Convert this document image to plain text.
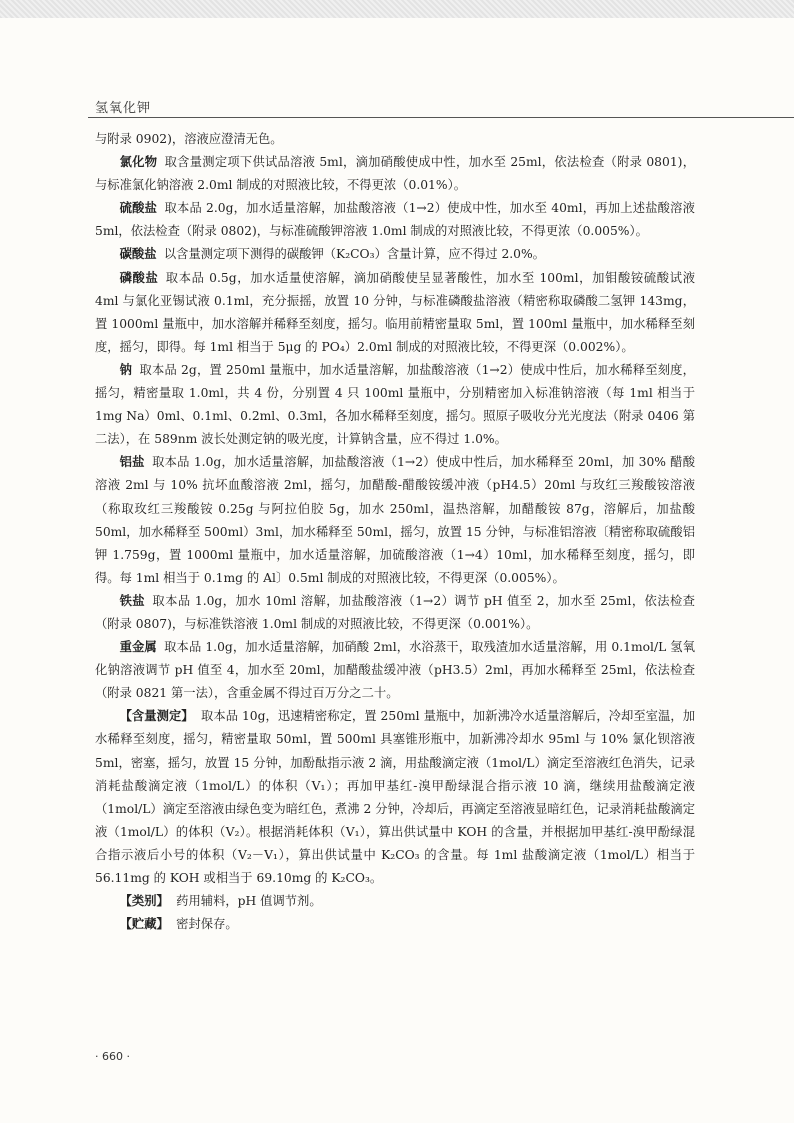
氢氧化钾

与附录 0902)，溶液应澄清无色。

氯化物 取含量测定项下供试品溶液 5ml，滴加硝酸使成中性，加水至 25ml，依法检查（附录 0801)，与标准氯化钠溶液 2.0ml 制成的对照液比较，不得更浓（0.01%）。

硫酸盐 取本品 2.0g，加水适量溶解，加盐酸溶液（1→2）使成中性，加水至 40ml，再加上述盐酸溶液 5ml，依法检查（附录 0802)，与标准硫酸钾溶液 1.0ml 制成的对照液比较，不得更浓（0.005%）。

碳酸盐 以含量测定项下测得的碳酸钾（K₂CO₃）含量计算，应不得过 2.0%。

磷酸盐 取本品 0.5g，加水适量使溶解，滴加硝酸使呈显著酸性，加水至 100ml，加钼酸铵硫酸试液 4ml 与氯化亚锡试液 0.1ml，充分振摇，放置 10 分钟，与标准磷酸盐溶液（精密称取磷酸二氢钾 143mg，置 1000ml 量瓶中，加水溶解并稀释至刻度，摇匀。临用前精密量取 5ml，置 100ml 量瓶中，加水稀释至刻度，摇匀，即得。每 1ml 相当于 5μg 的 PO₄）2.0ml 制成的对照液比较，不得更深（0.002%）。

钠 取本品 2g，置 250ml 量瓶中，加水适量溶解，加盐酸溶液（1→2）使成中性后，加水稀释至刻度，摇匀，精密量取 1.0ml，共 4 份，分别置 4 只 100ml 量瓶中，分别精密加入标准钠溶液（每 1ml 相当于 1mg Na）0ml、0.1ml、0.2ml、0.3ml，各加水稀释至刻度，摇匀。照原子吸收分光光度法（附录 0406 第二法），在 589nm 波长处测定钠的吸光度，计算钠含量，应不得过 1.0%。

铝盐 取本品 1.0g，加水适量溶解，加盐酸溶液（1→2）使成中性后，加水稀释至 20ml，加 30% 醋酸溶液 2ml 与 10% 抗坏血酸溶液 2ml，摇匀，加醋酸-醋酸铵缓冲液（pH4.5）20ml 与玫红三羧酸铵溶液（称取玫红三羧酸铵 0.25g 与阿拉伯胶 5g，加水 250ml，温热溶解，加醋酸铵 87g，溶解后，加盐酸 50ml，加水稀释至 500ml）3ml，加水稀释至 50ml，摇匀，放置 15 分钟，与标准铝溶液〔精密称取硫酸铝钾 1.759g，置 1000ml 量瓶中，加水适量溶解，加硫酸溶液（1→4）10ml，加水稀释至刻度，摇匀，即得。每 1ml 相当于 0.1mg 的 Al〕0.5ml 制成的对照液比较，不得更深（0.005%）。

铁盐 取本品 1.0g，加水 10ml 溶解，加盐酸溶液（1→2）调节 pH 值至 2，加水至 25ml，依法检查（附录 0807)，与标准铁溶液 1.0ml 制成的对照液比较，不得更深（0.001%）。

重金属 取本品 1.0g，加水适量溶解，加硝酸 2ml，水浴蒸干，取残渣加水适量溶解，用 0.1mol/L 氢氧化钠溶液调节 pH 值至 4，加水至 20ml，加醋酸盐缓冲液（pH3.5）2ml，再加水稀释至 25ml，依法检查（附录 0821 第一法），含重金属不得过百万分之二十。

【含量测定】 取本品 10g，迅速精密称定，置 250ml 量瓶中，加新沸冷水适量溶解后，冷却至室温，加水稀释至刻度，摇匀，精密量取 50ml，置 500ml 具塞锥形瓶中，加新沸冷却水 95ml 与 10% 氯化钡溶液 5ml，密塞，摇匀，放置 15 分钟，加酚酞指示液 2 滴，用盐酸滴定液（1mol/L）滴定至溶液红色消失，记录消耗盐酸滴定液（1mol/L）的体积（V₁）；再加甲基红-溴甲酚绿混合指示液 10 滴，继续用盐酸滴定液（1mol/L）滴定至溶液由绿色变为暗红色，煮沸 2 分钟，冷却后，再滴定至溶液显暗红色，记录消耗盐酸滴定液（1mol/L）的体积（V₂）。根据消耗体积（V₁），算出供试量中 KOH 的含量，并根据加甲基红-溴甲酚绿混合指示液后小号的体积（V₂－V₁），算出供试量中 K₂CO₃ 的含量。每 1ml 盐酸滴定液（1mol/L）相当于 56.11mg 的 KOH 或相当于 69.10mg 的 K₂CO₃。

【类别】 药用辅料，pH 值调节剂。

【贮藏】 密封保存。

· 660 ·
